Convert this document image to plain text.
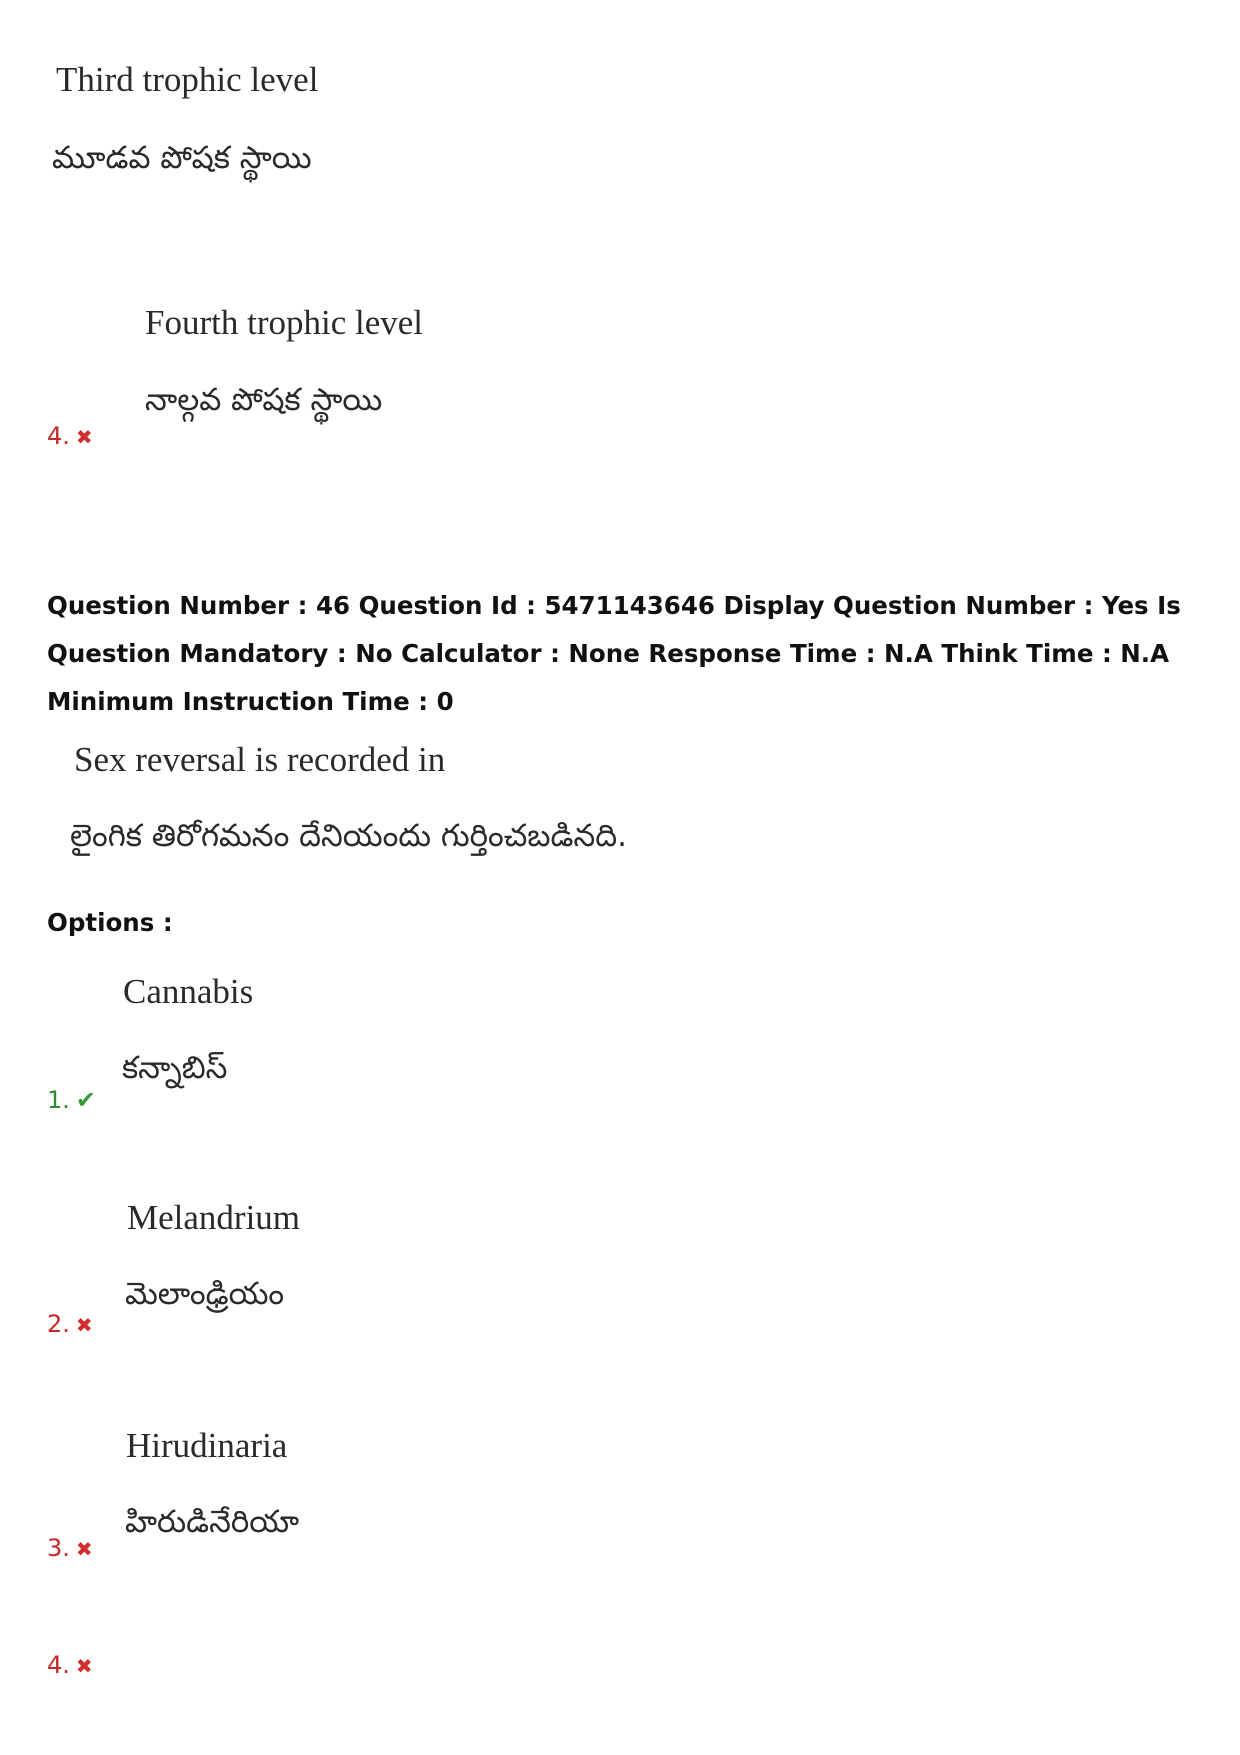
Third trophic level
మూడవ పోషక స్థాయి
Fourth trophic level
నాల్గవ పోషక స్థాయి
4. ✖
Question Number : 46 Question Id : 5471143646 Display Question Number : Yes Is Question Mandatory : No Calculator : None Response Time : N.A Think Time : N.A Minimum Instruction Time : 0
Sex reversal is recorded in
లైంగిక తిరోగమనం దేనియందు గుర్తించబడినది.
Options :
Cannabis
కన్నాబిస్
1. ✔
Melandrium
మెలాంఢ్రియం
2. ✖
Hirudinaria
హిరుడినేరియా
3. ✖
4. ✖
